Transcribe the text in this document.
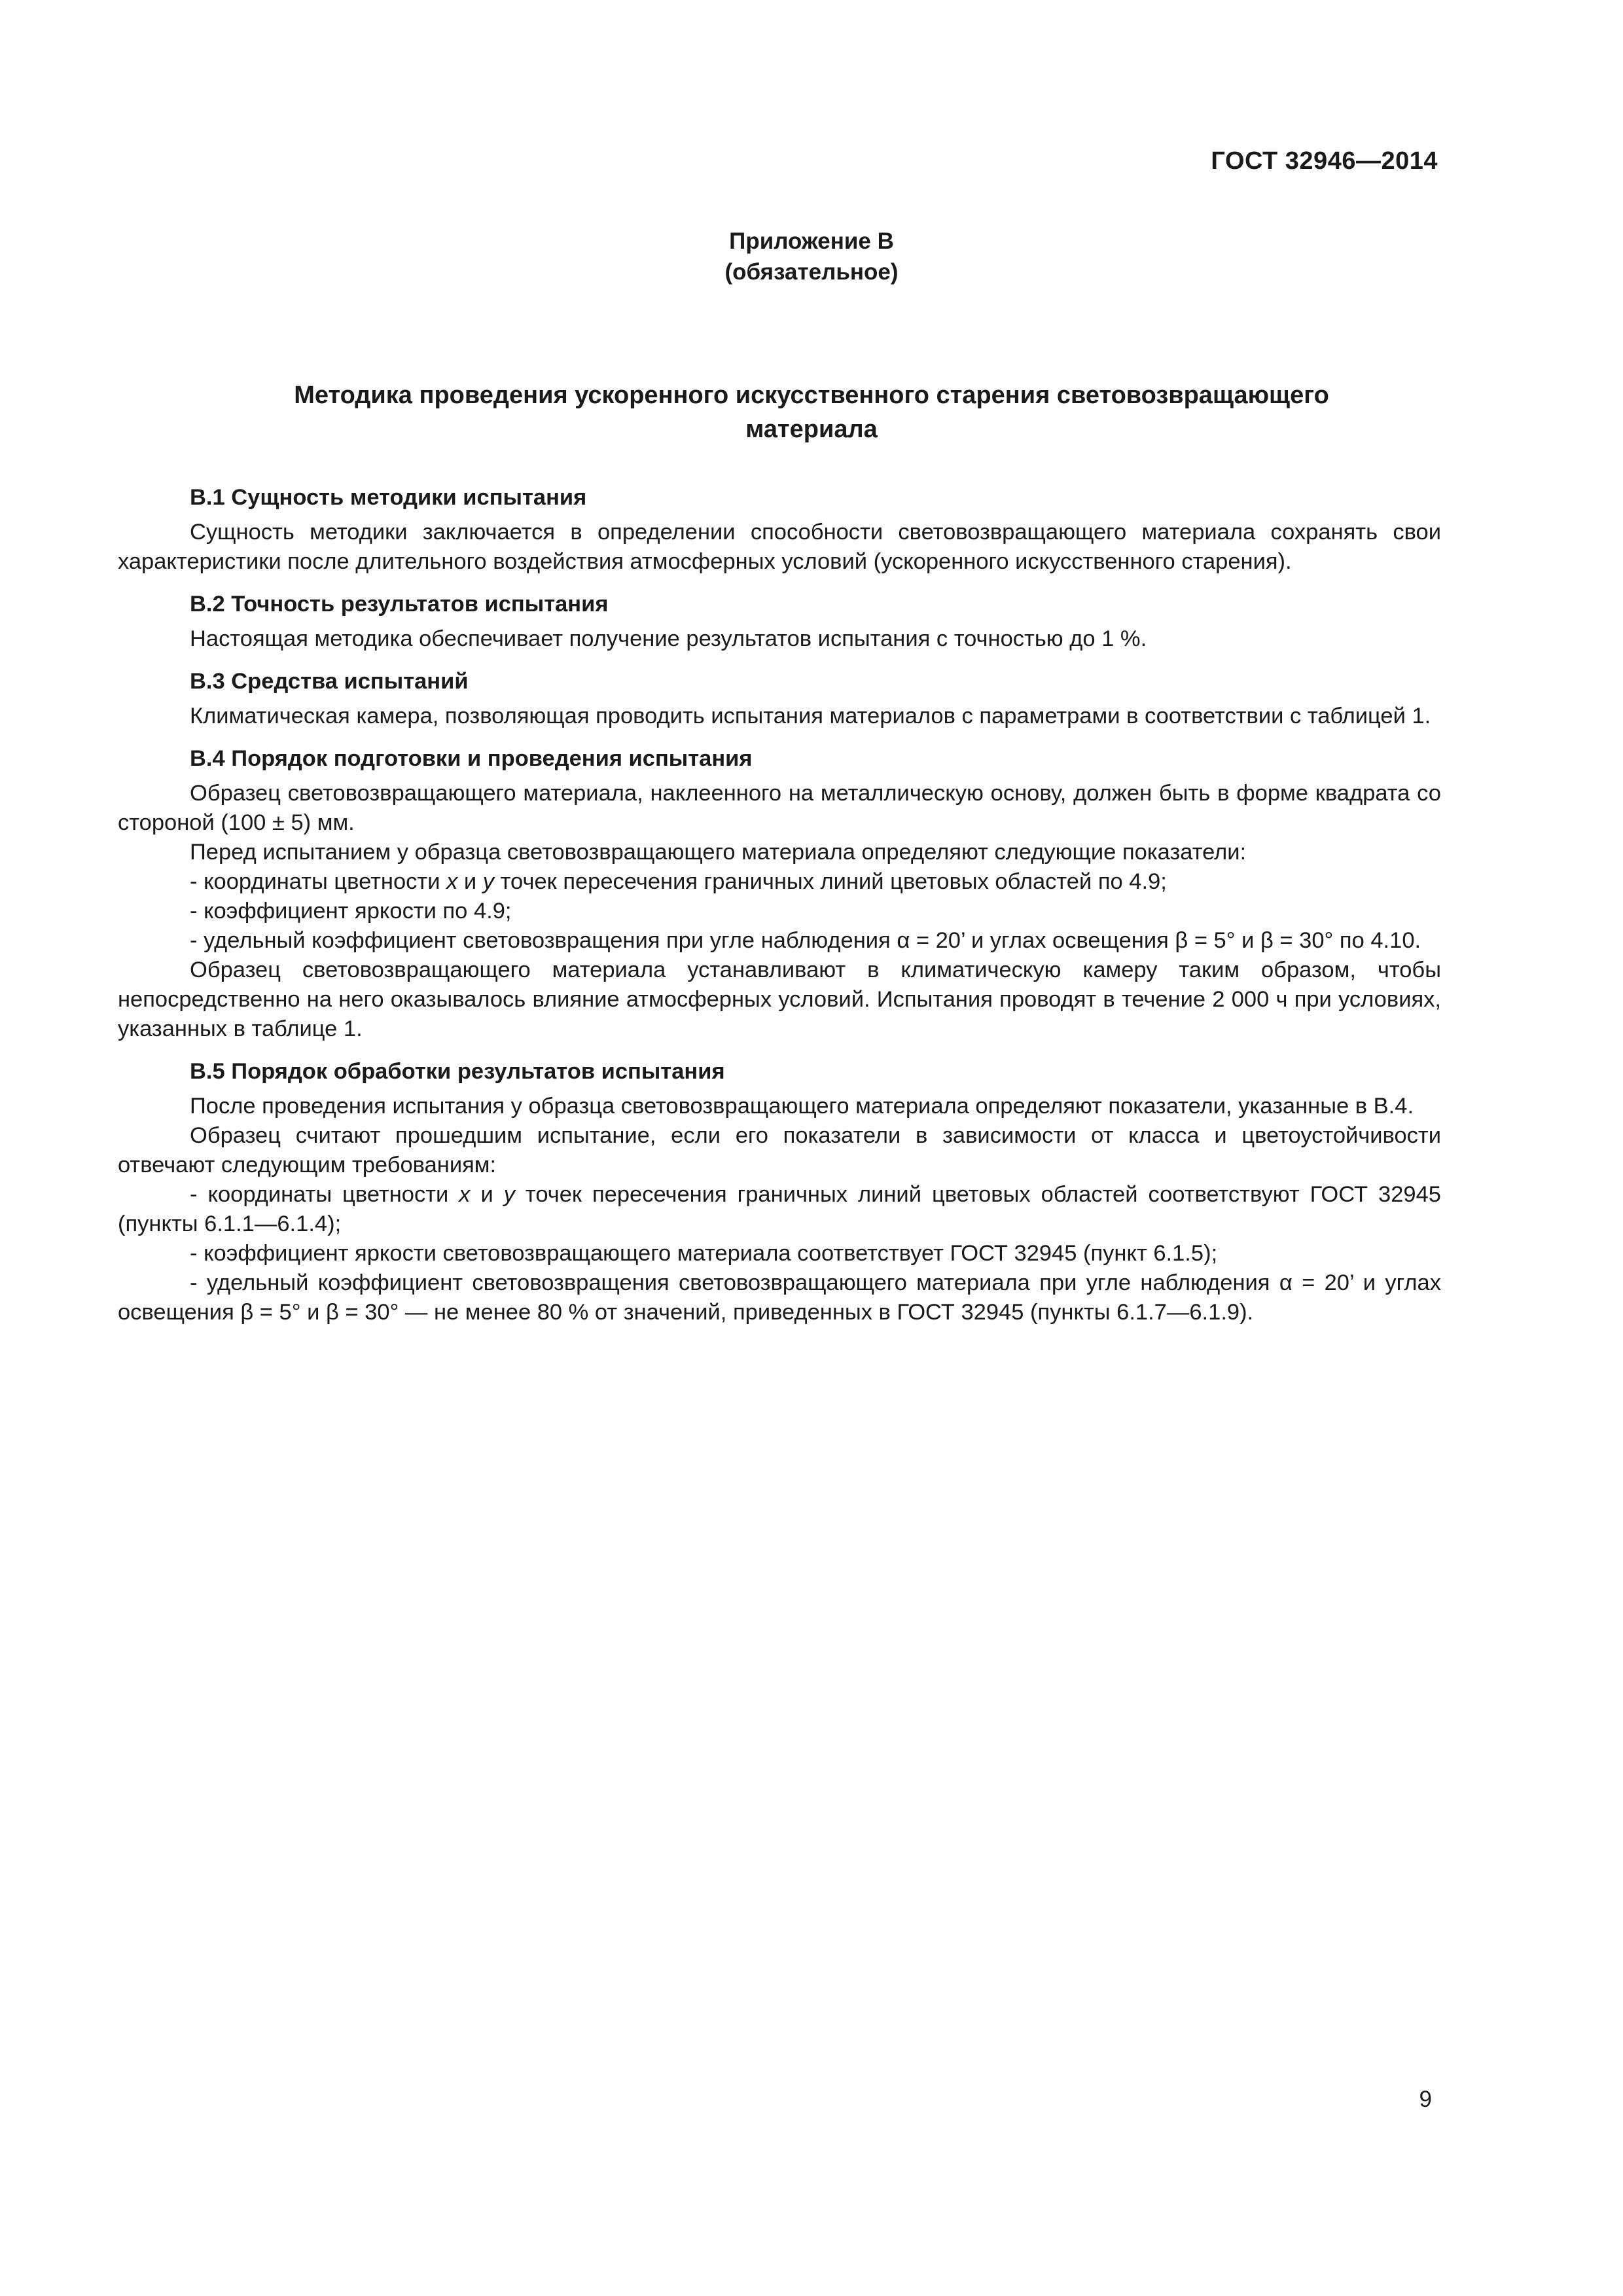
ГОСТ 32946—2014
Приложение В
(обязательное)
Методика проведения ускоренного искусственного старения световозвращающего
материала
В.1 Сущность методики испытания

Сущность методики заключается в определении способности световозвращающего материала сохранять свои характеристики после длительного воздействия атмосферных условий (ускоренного искусственного старения).

В.2 Точность результатов испытания

Настоящая методика обеспечивает получение результатов испытания с точностью до 1 %.

В.3 Средства испытаний

Климатическая камера, позволяющая проводить испытания материалов с параметрами в соответствии с таблицей 1.

В.4 Порядок подготовки и проведения испытания

Образец световозвращающего материала, наклеенного на металлическую основу, должен быть в форме квадрата со стороной (100 ± 5) мм.

Перед испытанием у образца световозвращающего материала определяют следующие показатели:

- координаты цветности x и y точек пересечения граничных линий цветовых областей по 4.9;

- коэффициент яркости по 4.9;

- удельный коэффициент световозвращения при угле наблюдения α = 20’ и углах освещения β = 5° и β = 30° по 4.10.

Образец световозвращающего материала устанавливают в климатическую камеру таким образом, чтобы непосредственно на него оказывалось влияние атмосферных условий. Испытания проводят в течение 2 000 ч при условиях, указанных в таблице 1.

В.5 Порядок обработки результатов испытания

После проведения испытания у образца световозвращающего материала определяют показатели, указанные в В.4.

Образец считают прошедшим испытание, если его показатели в зависимости от класса и цветоустойчивости отвечают следующим требованиям:

- координаты цветности x и y точек пересечения граничных линий цветовых областей соответствуют ГОСТ 32945 (пункты 6.1.1—6.1.4);

- коэффициент яркости световозвращающего материала соответствует ГОСТ 32945 (пункт 6.1.5);

- удельный коэффициент световозвращения световозвращающего материала при угле наблюдения α = 20’ и углах освещения β = 5° и β = 30° — не менее 80 % от значений, приведенных в ГОСТ 32945 (пункты 6.1.7—6.1.9).

9
